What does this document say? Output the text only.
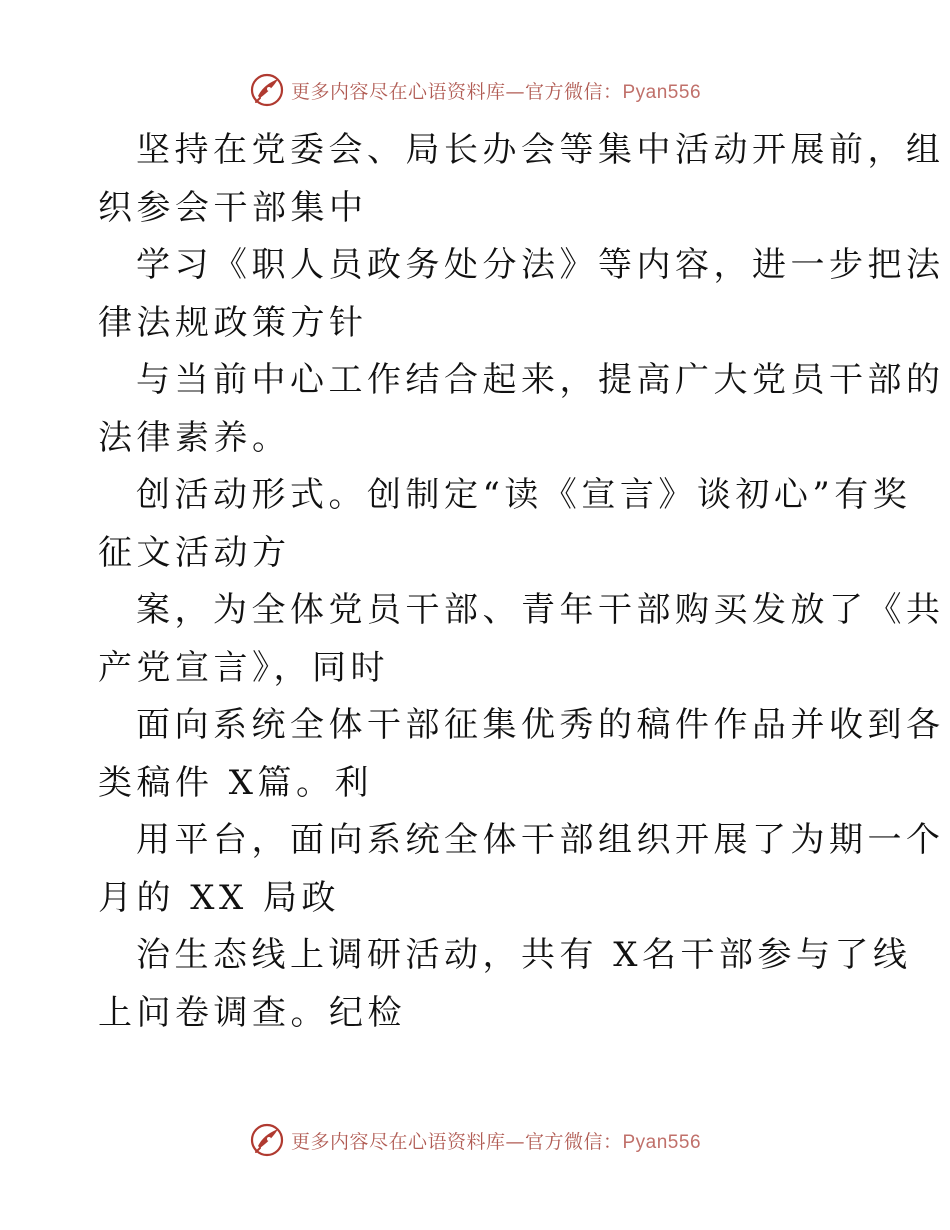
更多内容尽在心语资料库—官方微信：Pyan556
坚持在党委会、局长办会等集中活动开展前，组
织参会干部集中
学习《职人员政务处分法》等内容，进一步把法
律法规政策方针
与当前中心工作结合起来，提高广大党员干部的
法律素养。
创活动形式。创制定“读《宣言》谈初心”有奖
征文活动方
案，为全体党员干部、青年干部购买发放了《共
产党宣言》，同时
面向系统全体干部征集优秀的稿件作品并收到各
类稿件 X篇。利
用平台，面向系统全体干部组织开展了为期一个
月的 XX 局政
治生态线上调研活动，共有 X名干部参与了线
上问卷调查。纪检
更多内容尽在心语资料库—官方微信：Pyan556
